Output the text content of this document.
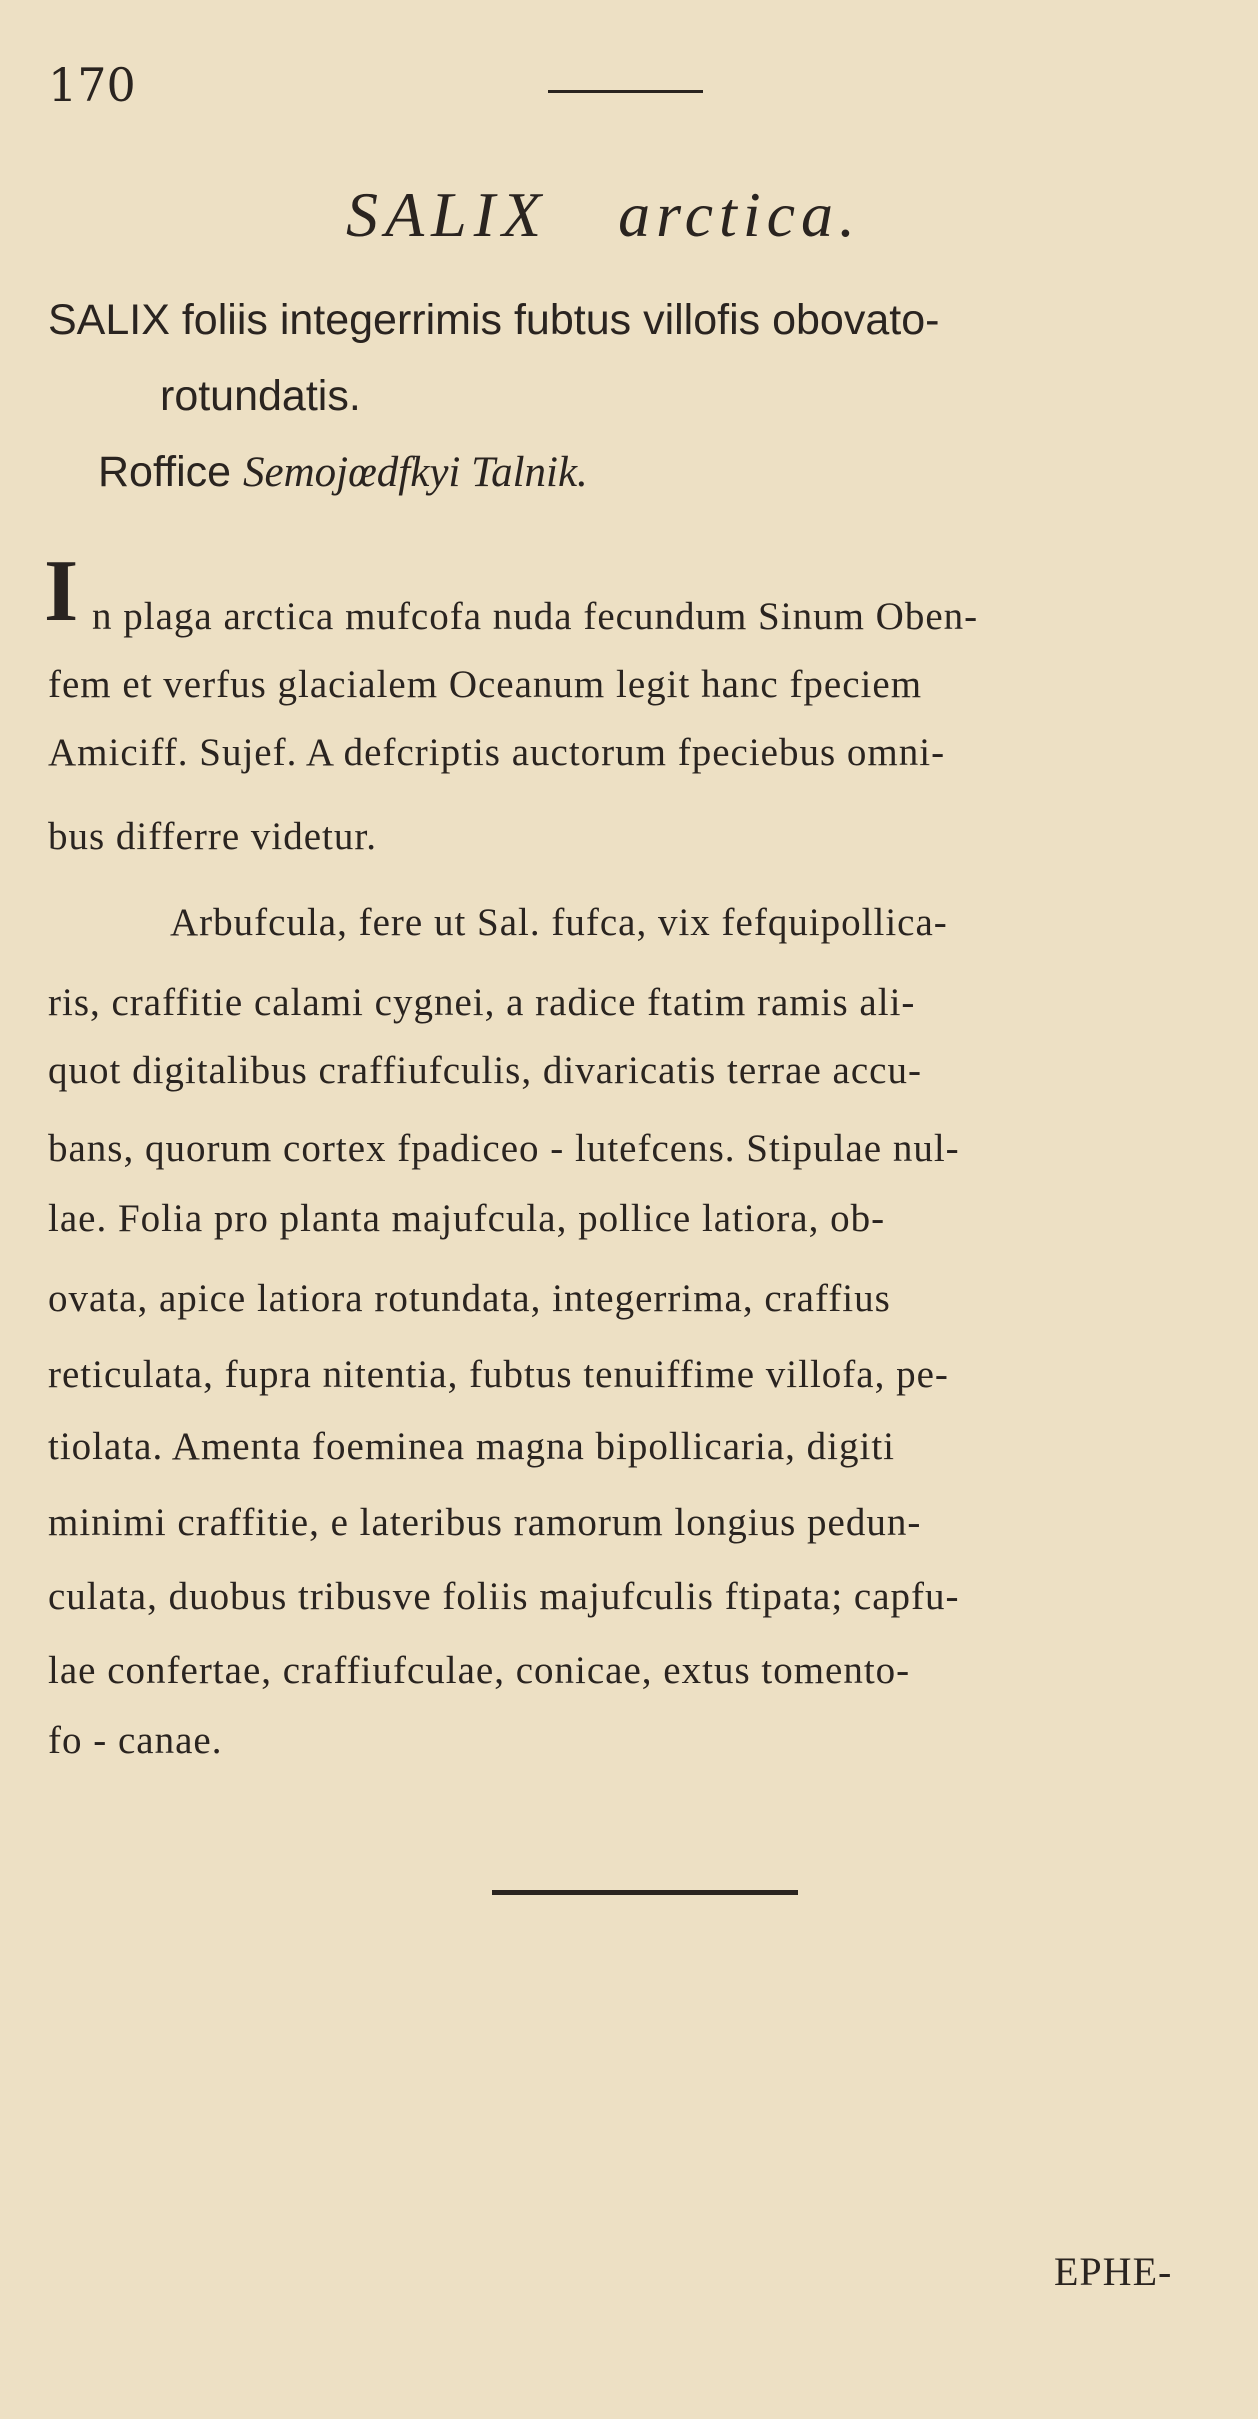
170
SALIX arctica.
SALIX foliis integerrimis fubtus villofis obovato-
rotundatis.
Roffice Semojœdfkyi Talnik.
I n plaga arctica mufcofa nuda fecundum Sinum Oben-
fem et verfus glacialem Oceanum legit hanc fpeciem
Amiciff. Sujef. A defcriptis auctorum fpeciebus omni-
bus differre videtur.
Arbufcula, fere ut Sal. fufca, vix fefquipollica-
ris, craffitie calami cygnei, a radice ftatim ramis ali-
quot digitalibus craffiufculis, divaricatis terrae accu-
bans, quorum cortex fpadiceo - lutefcens. Stipulae nul-
lae. Folia pro planta majufcula, pollice latiora, ob-
ovata, apice latiora rotundata, integerrima, craffius
reticulata, fupra nitentia, fubtus tenuiffime villofa, pe-
tiolata. Amenta foeminea magna bipollicaria, digiti
minimi craffitie, e lateribus ramorum longius pedun-
culata, duobus tribusve foliis majufculis ftipata; capfu-
lae confertae, craffiufculae, conicae, extus tomento-
fo - canae.
EPHE-
